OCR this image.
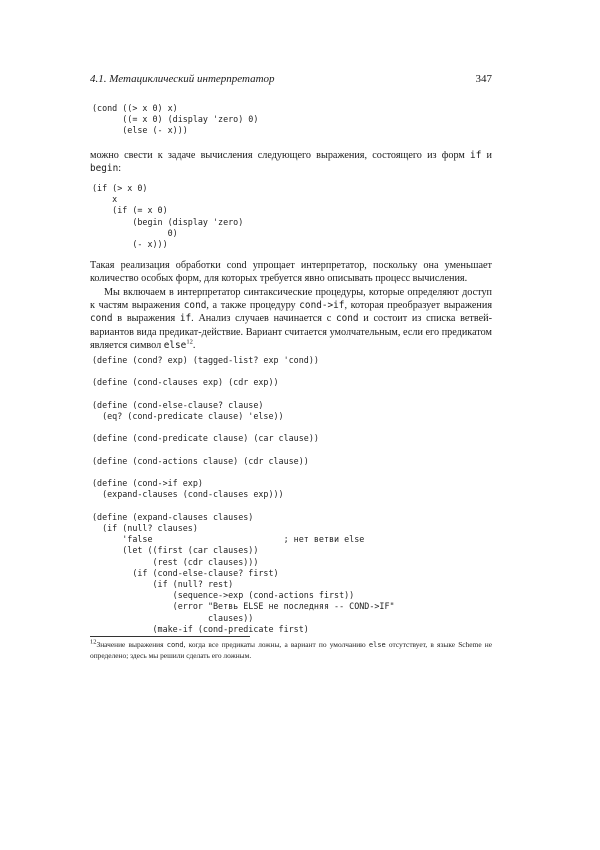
4.1. Метациклический интерпретатор	347
(cond ((> x 0) x)
((= x 0) (display 'zero) 0)
(else (- x)))

можно свести к задаче вычисления следующего выражения, состоящего из форм if и begin:

(if (> x 0)
x
(if (= x 0)
(begin (display 'zero)
0)
(- x)))

Такая реализация обработки cond упрощает интерпретатор, поскольку она уменьшает количество особых форм, для которых требуется явно описывать процесс вычисления.

Мы включаем в интерпретатор синтаксические процедуры, которые определяют доступ к частям выражения cond, а также процедуру cond->if, которая преобразует выражения cond в выражения if. Анализ случаев начинается с cond и состоит из списка ветвей-вариантов вида предикат-действие. Вариант считается умолчательным, если его предикатом является символ else$^{12}$.

(define (cond? exp) (tagged-list? exp 'cond))

(define (cond-clauses exp) (cdr exp))

(define (cond-else-clause? clause)
(eq? (cond-predicate clause) 'else))

(define (cond-predicate clause) (car clause))

(define (cond-actions clause) (cdr clause))

(define (cond->if exp)
(expand-clauses (cond-clauses exp)))

(define (expand-clauses clauses)
(if (null? clauses)
'false                          ; нет ветви else
(let ((first (car clauses))
(rest (cdr clauses)))
(if (cond-else-clause? first)
(if (null? rest)
(sequence->exp (cond-actions first))
(error "Ветвь ELSE не последняя -- COND->IF"
clauses))
(make-if (cond-predicate first)

$^{12}$Значение выражения cond, когда все предикаты ложны, а вариант по умолчанию else отсутствует, в языке Scheme не определено; здесь мы решили сделать его ложным.
